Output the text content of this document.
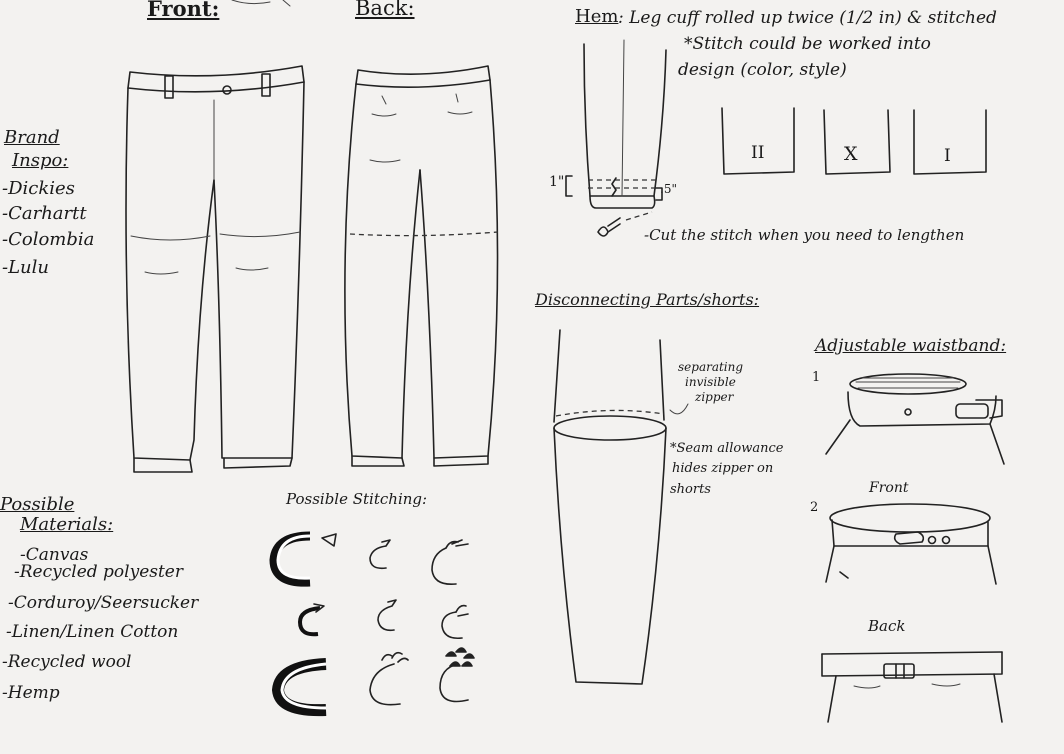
Front:	Back:	Hem : Leg cuff rolled up twice (1/2 in) & stitched
*Stitch could be worked into
design (color, style)
1"	.5"
-Cut the stitch when you need to lengthen
II	X	I
Brand
Inspo:
-Dickies
-Carhartt
-Colombia
-Lulu
Possible
Materials:
-Canvas
-Recycled polyester
-Corduroy/Seersucker
-Linen/Linen Cotton
-Recycled wool
-Hemp
Possible Stitching:
Disconnecting Parts/shorts:
separating
invisible
zipper
*Seam allowance
hides zipper on
shorts
Adjustable waistband:
1
2
Front
Back
